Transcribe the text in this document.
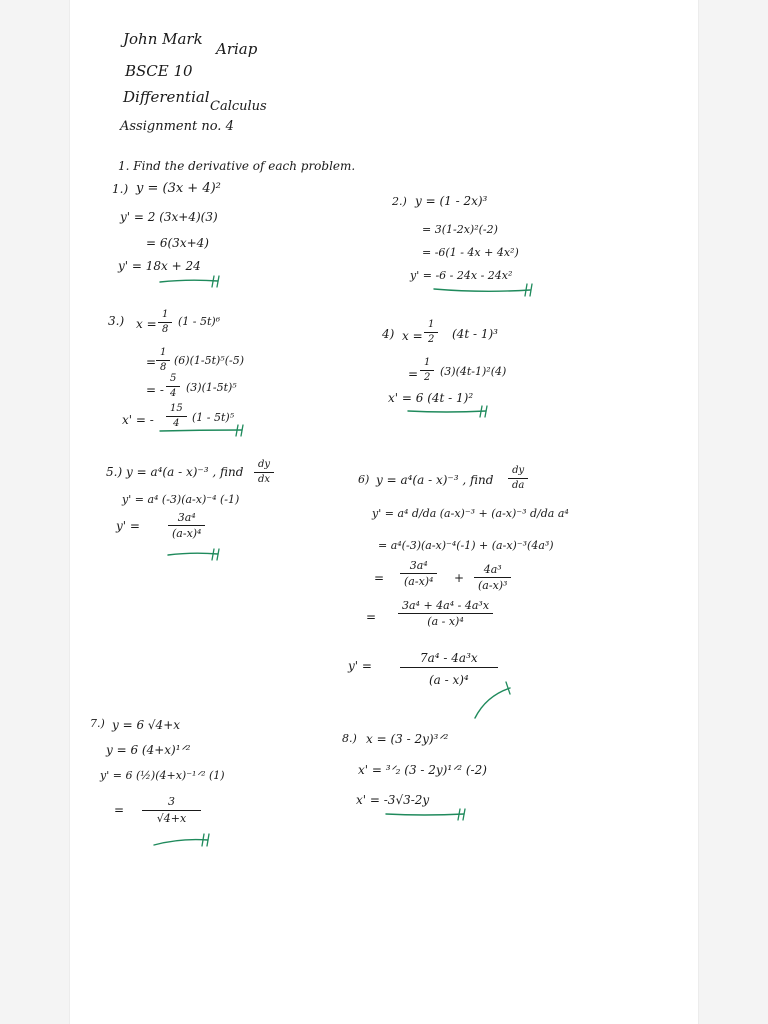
John Mark
Ariap
BSCE 10
Differential
Calculus
Assignment no. 4
1. Find the derivative of each problem.
1.) y = (3x + 4)²
y' = 2 (3x+4)(3)
= 6(3x+4)
y' = 18x + 24
2.) y = (1 - 2x)³
= 3(1-2x)²(-2)
= -6(1 - 4x + 4x²)
y' = -6 - 24x - 24x²
3.) $x = \frac{1}{8} (1 - 5t)^6$
= $\frac{1}{8} (6)(1-5t)^5(-5)$
= - $\frac{5}{4} (3)(1-5t)^5$
x' = - $\frac{15}{4} (1 - 5t)^5$
4) $x = \frac{1}{2} (4t - 1)^3$
= $\frac{1}{2} (3)(4t-1)^2(4)$
x' = 6 (4t - 1)²
5.) y = a⁴(a - x)⁻³ , find $\frac{dy}{dx}$
y' = a⁴ (-3)(a-x)⁻⁴ (-1)
y' =	$\frac{\text{3a⁴}}{\text{(a-x)⁴}}$
6) y = a⁴(a - x)⁻³ , find $\frac{dy}{da}$
y' = a⁴ d/da (a-x)⁻³ + (a-x)⁻³ d/da a⁴
= a⁴(-3)(a-x)⁻⁴(-1) + (a-x)⁻³(4a³)
= $\frac{\text{3a⁴}}{\text{(a-x)⁴}} + \frac{\text{4a³}}{\text{(a-x)³}}$
= $\frac{\text{3a⁴ + 4a⁴ - 4a³x}}{\text{(a - x)⁴}}$
$y' = \frac{\text{7a⁴ - 4a³x}}{\text{(a - x)⁴}}$
7.) y = 6 √4+x
y = 6 (4+x)¹ᐟ²
y' = 6 (½)(4+x)⁻¹ᐟ² (1)
= $\frac{3}{√4+x}$
8.) x = (3 - 2y)³ᐟ²
x' = ³ᐟ₂ (3 - 2y)¹ᐟ² (-2)
x' = -3√3-2y
